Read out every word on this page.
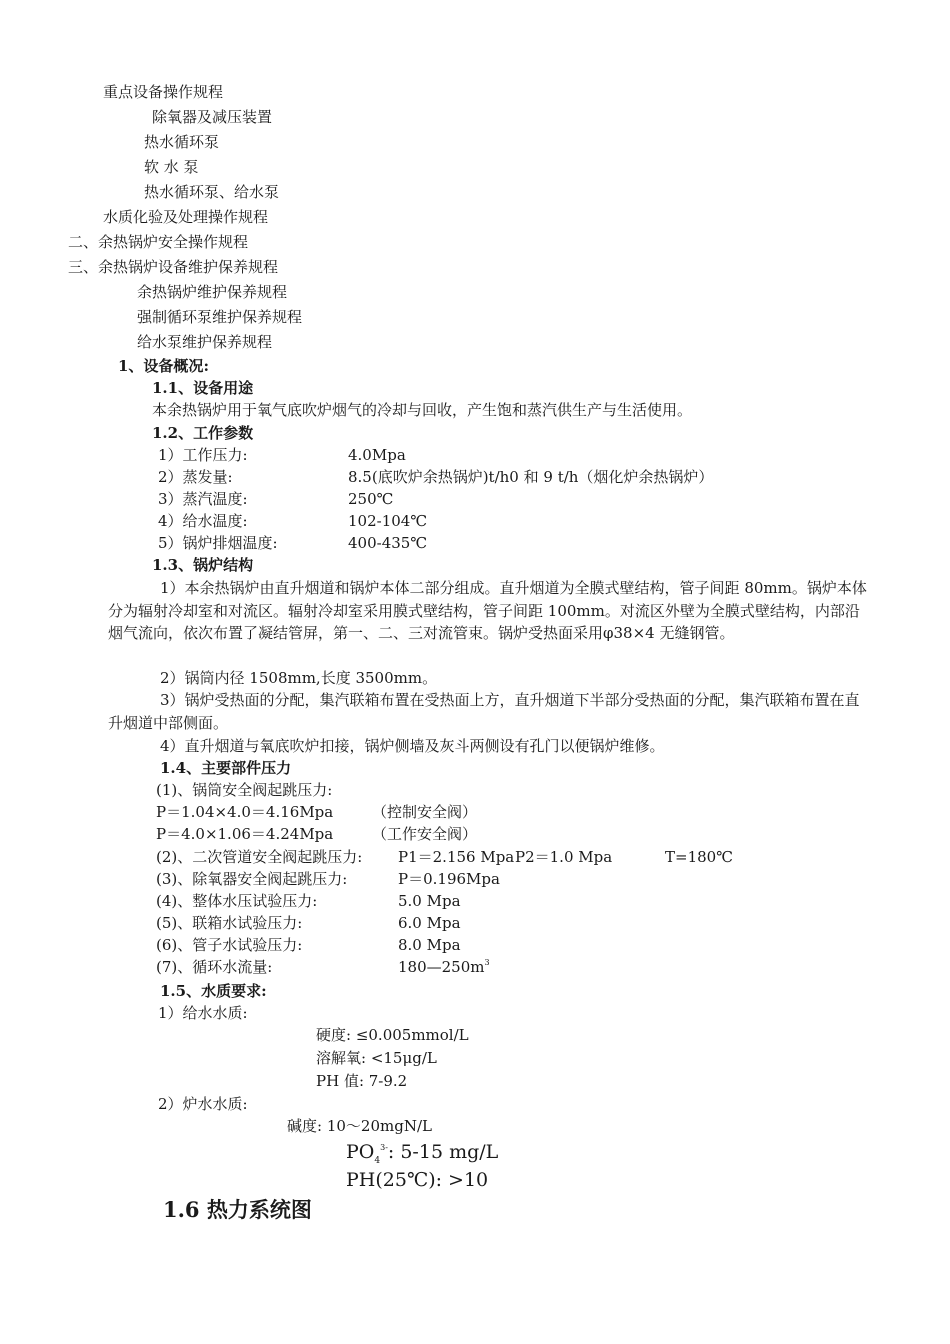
重点设备操作规程
除氧器及减压装置
热水循环泵
软 水 泵
热水循环泵、给水泵
水质化验及处理操作规程
二、余热锅炉安全操作规程
三、余热锅炉设备维护保养规程
余热锅炉维护保养规程
强制循环泵维护保养规程
给水泵维护保养规程
1、设备概况:
1.1、设备用途
本余热锅炉用于氧气底吹炉烟气的冷却与回收，产生饱和蒸汽供生产与生活使用。
1.2、工作参数
1）工作压力:	4.0Mpa
2）蒸发量:	8.5(底吹炉余热锅炉)t/h0 和 9 t/h（烟化炉余热锅炉）
3）蒸汽温度:	250℃
4）给水温度:	102-104℃
5）锅炉排烟温度:	400-435℃
1.3、锅炉结构
1）本余热锅炉由直升烟道和锅炉本体二部分组成。直升烟道为全膜式壁结构，管子间距 80mm。锅炉本体分为辐射冷却室和对流区。辐射冷却室采用膜式壁结构，管子间距 100mm。对流区外壁为全膜式壁结构，内部沿烟气流向，依次布置了凝结管屏，第一、二、三对流管束。锅炉受热面采用φ38×4 无缝钢管。
2）锅筒内径 1508mm,长度 3500mm。
3）锅炉受热面的分配，集汽联箱布置在受热面上方，直升烟道下半部分受热面的分配，集汽联箱布置在直升烟道中部侧面。
4）直升烟道与氧底吹炉扣接，锅炉侧墙及灰斗两侧设有孔门以便锅炉维修。
1.4、主要部件压力
(1)、锅筒安全阀起跳压力:
P＝1.04×4.0＝4.16Mpa	（控制安全阀）
P＝4.0×1.06＝4.24Mpa	（工作安全阀）
(2)、二次管道安全阀起跳压力: P1＝2.156 Mpa P2＝1.0 Mpa	T=180℃
(3)、除氧器安全阀起跳压力:	P＝0.196Mpa
(4)、整体水压试验压力:	5.0 Mpa
(5)、联箱水试验压力:	6.0 Mpa
(6)、管子水试验压力:	8.0 Mpa
(7)、循环水流量:	$180—250m^3$
1.5、水质要求:
1）给水水质:
硬度: ≤0.005mmol/L
溶解氧: <15μg/L
PH 值: 7-9.2
2）炉水水质:
碱度: 10～20mgN/L
$PO_4^{3-}$: 5-15 mg/L
PH(25℃): >10
1.6 热力系统图
